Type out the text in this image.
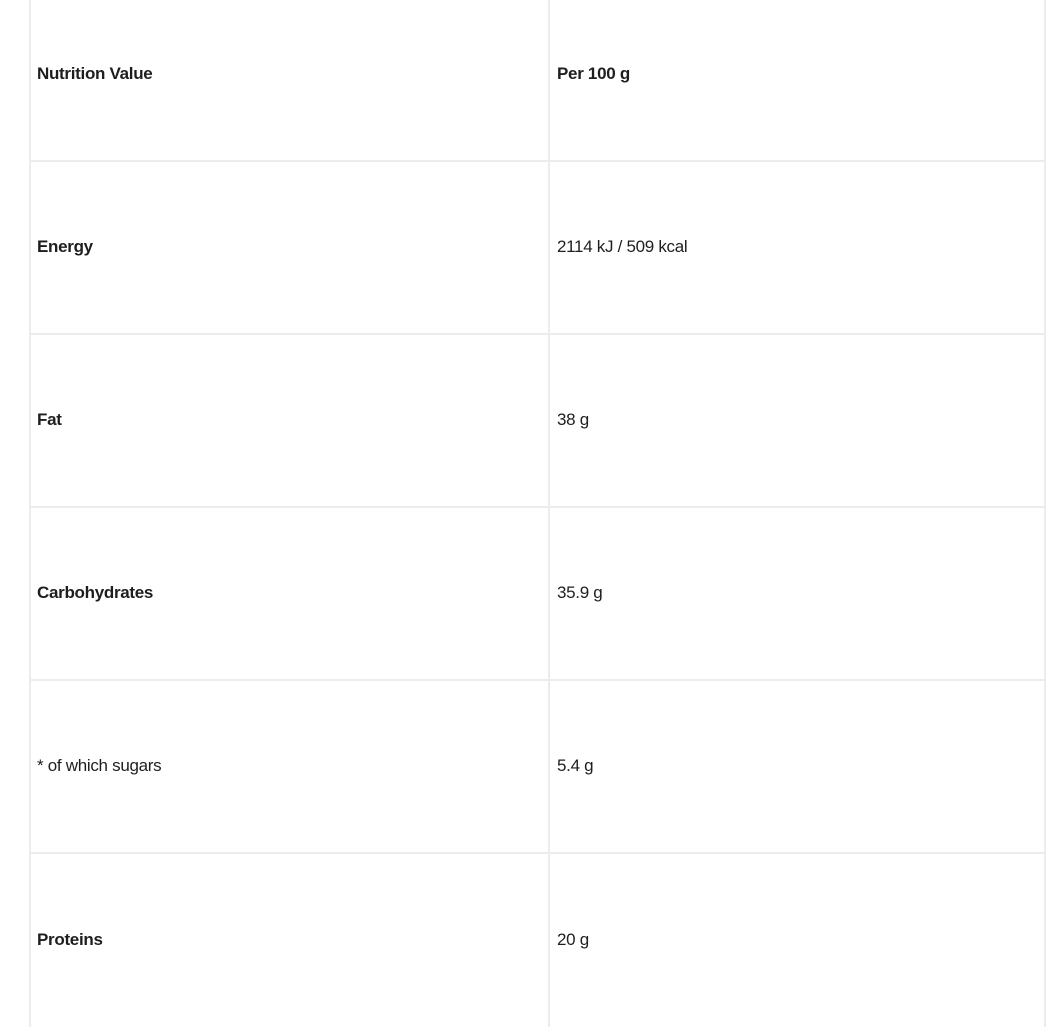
Nutrition Value	Per 100 g
Energy	2114 kJ / 509 kcal
Fat	38 g
Carbohydrates	35.9 g
* of which sugars	5.4 g
Proteins	20 g
